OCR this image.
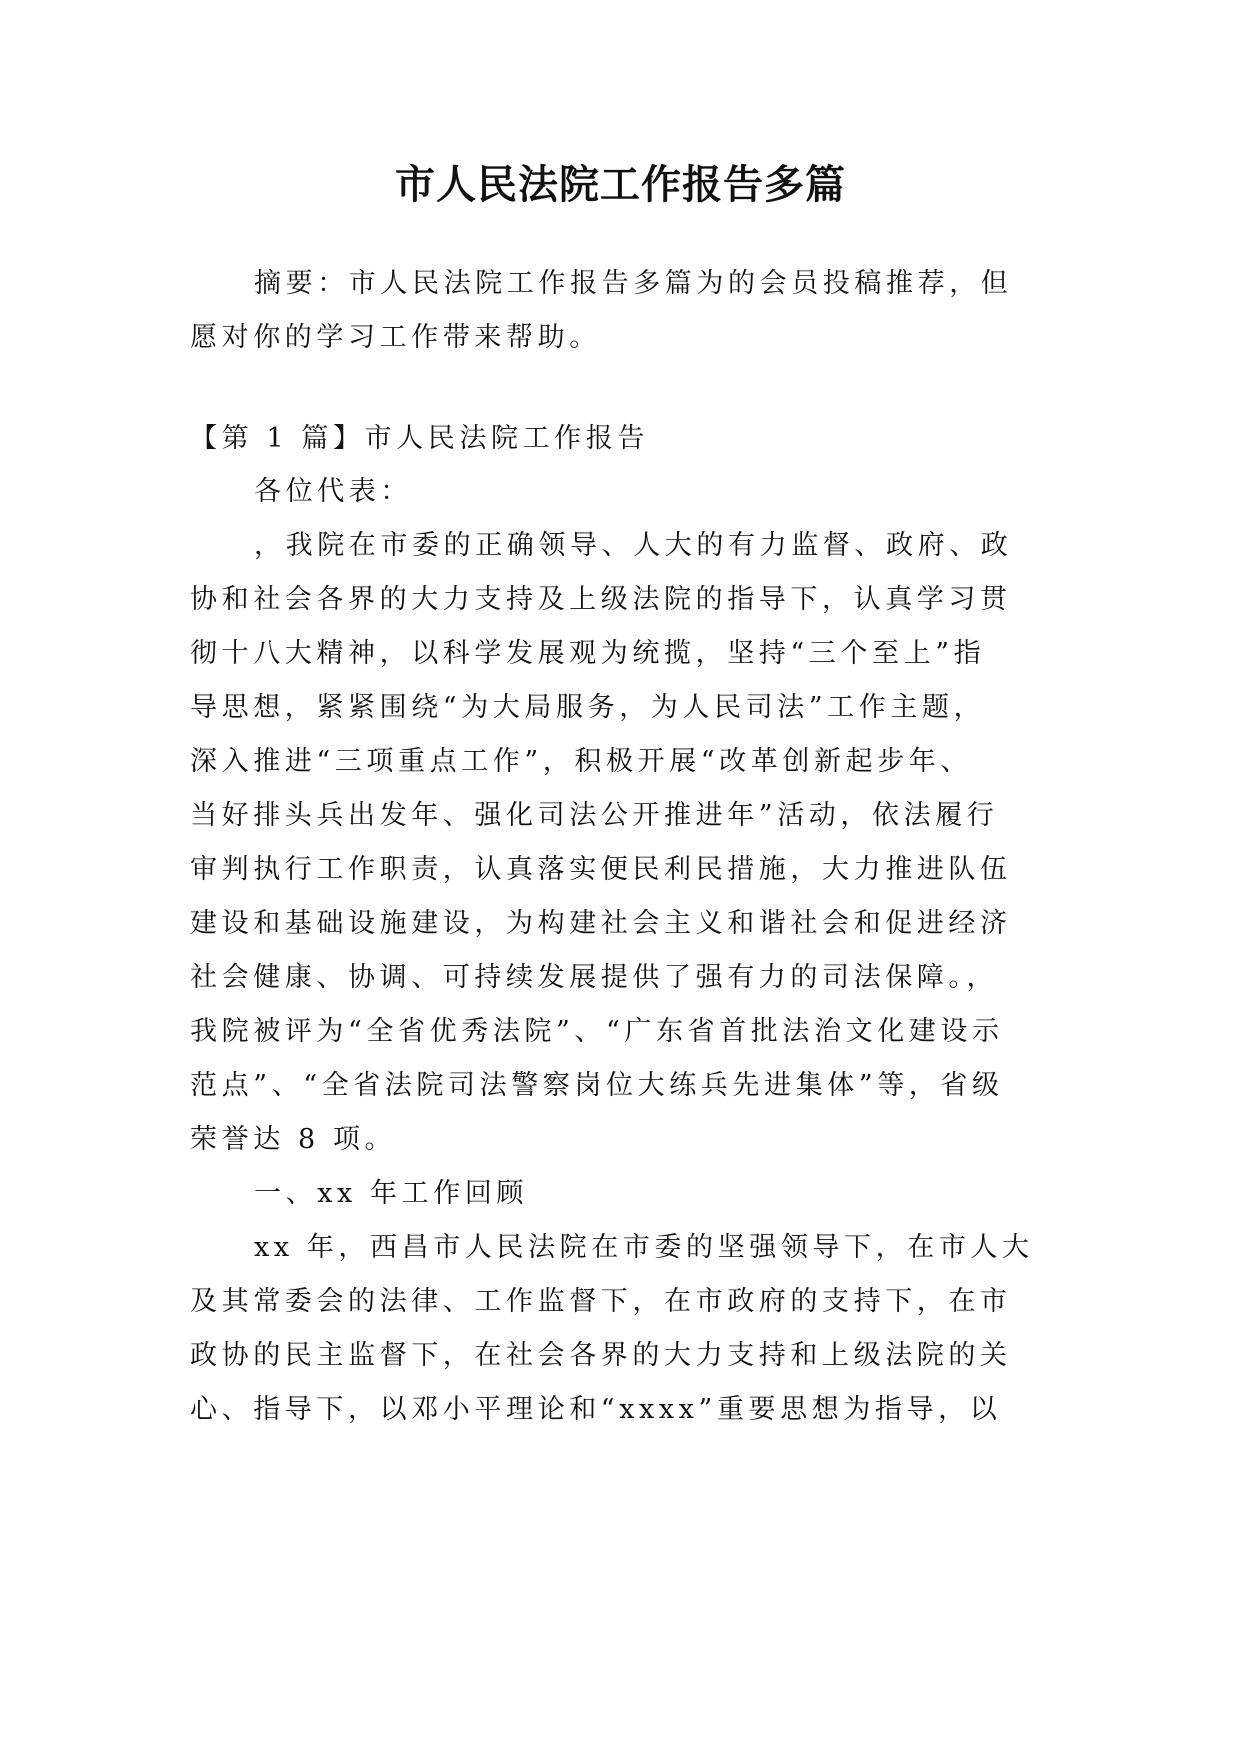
市人民法院工作报告多篇
摘要：市人民法院工作报告多篇为的会员投稿推荐，但
愿对你的学习工作带来帮助。
【第 1 篇】市人民法院工作报告
各位代表：
，我院在市委的正确领导、人大的有力监督、政府、政
协和社会各界的大力支持及上级法院的指导下，认真学习贯
彻十八大精神，以科学发展观为统揽，坚持“三个至上”指
导思想，紧紧围绕“为大局服务，为人民司法”工作主题，
深入推进“三项重点工作”，积极开展“改革创新起步年、
当好排头兵出发年、强化司法公开推进年”活动，依法履行
审判执行工作职责，认真落实便民利民措施，大力推进队伍
建设和基础设施建设，为构建社会主义和谐社会和促进经济
社会健康、协调、可持续发展提供了强有力的司法保障。，
我院被评为“全省优秀法院”、“广东省首批法治文化建设示
范点”、“全省法院司法警察岗位大练兵先进集体”等，省级
荣誉达 8 项。
一、xx 年工作回顾
xx 年，西昌市人民法院在市委的坚强领导下，在市人大
及其常委会的法律、工作监督下，在市政府的支持下，在市
政协的民主监督下，在社会各界的大力支持和上级法院的关
心、指导下，以邓小平理论和“xxxx”重要思想为指导，以
